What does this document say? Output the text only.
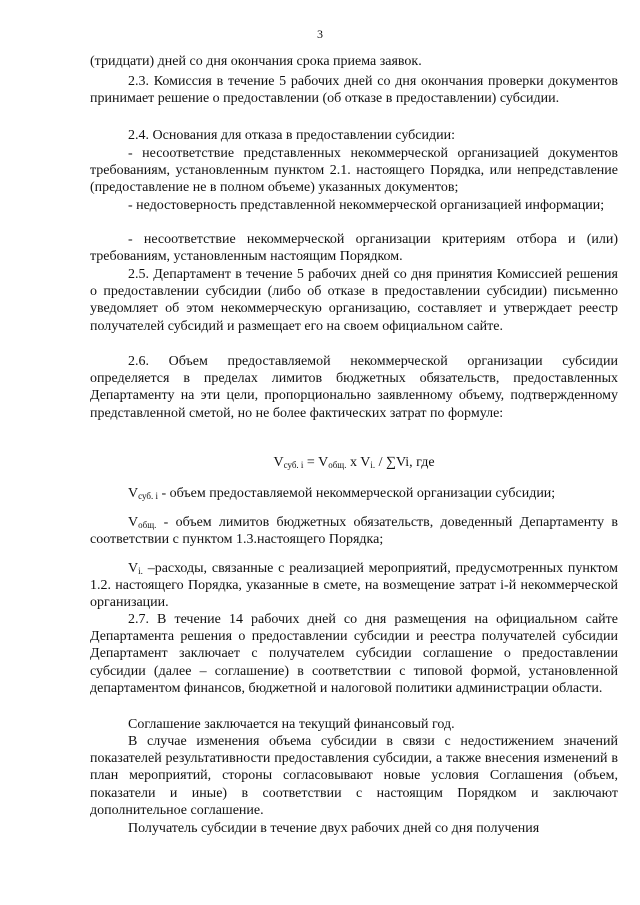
3
(тридцати) дней со дня окончания срока приема заявок.
2.3. Комиссия в течение 5 рабочих дней со дня окончания проверки документов принимает решение о предоставлении (об отказе в предоставлении) субсидии.
2.4. Основания для отказа в предоставлении субсидии:
- несоответствие представленных некоммерческой организацией документов требованиям, установленным пунктом 2.1. настоящего Порядка, или непредставление (предоставление не в полном объеме) указанных документов;
- недостоверность представленной некоммерческой организацией информации;
- несоответствие некоммерческой организации критериям отбора и (или) требованиям, установленным настоящим Порядком.
2.5. Департамент в течение 5 рабочих дней со дня принятия Комиссией решения о предоставлении субсидии (либо об отказе в предоставлении субсидии) письменно уведомляет об этом некоммерческую организацию, составляет и утверждает реестр получателей субсидий и размещает его на своем официальном сайте.
2.6. Объем предоставляемой некоммерческой организации субсидии определяется в пределах лимитов бюджетных обязательств, предоставленных Департаменту на эти цели, пропорционально заявленному объему, подтвержденному представленной сметой, но не более фактических затрат по формуле:
$V_{суб. i} = V_{общ.}$ x $V_{i.} / \sum Vi$, где
$V_{суб. i}$ - объем предоставляемой некоммерческой организации субсидии;
$V_{общ.}$ - объем лимитов бюджетных обязательств, доведенный Департаменту в соответствии с пунктом 1.3.настоящего Порядка;
$V_{i.}$ –расходы, связанные с реализацией мероприятий, предусмотренных пунктом 1.2. настоящего Порядка, указанные в смете, на возмещение затрат i-й некоммерческой организации.
2.7. В течение 14 рабочих дней со дня размещения на официальном сайте Департамента решения о предоставлении субсидии и реестра получателей субсидии Департамент заключает с получателем субсидии соглашение о предоставлении субсидии (далее – соглашение) в соответствии с типовой формой, установленной департаментом финансов, бюджетной и налоговой политики администрации области.
Соглашение заключается на текущий финансовый год.
В случае изменения объема субсидии в связи с недостижением значений показателей результативности предоставления субсидии, а также внесения изменений в план мероприятий, стороны согласовывают новые условия Соглашения (объем, показатели и иные) в соответствии с настоящим Порядком и заключают дополнительное соглашение.
Получатель субсидии в течение двух рабочих дней со дня получения
